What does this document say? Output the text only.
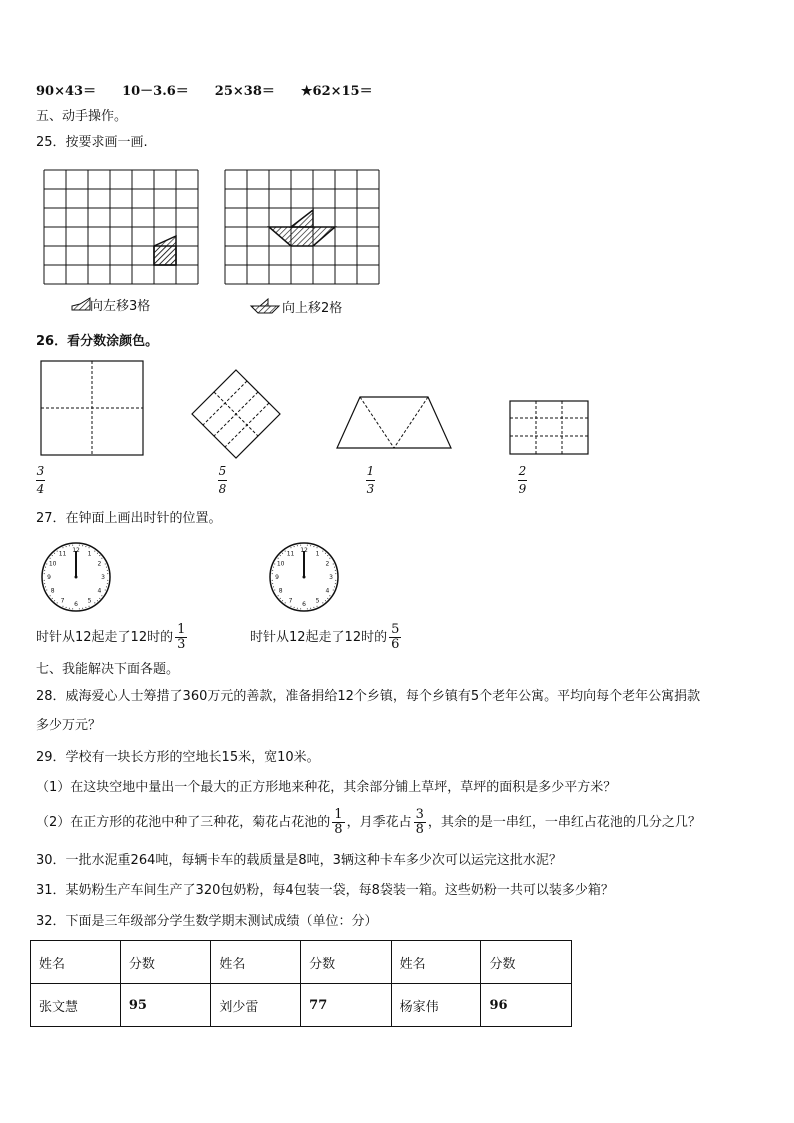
90×43＝ 10－3.6＝ 25×38＝ ★62×15＝
五、动手操作。
25．按要求画一画.
向左移3格	向上移2格
26．看分数涂颜色。
3
4
5
8
1
3
2
9
27．在钟面上画出时针的位置。
12
1
2
3
4
5
6
7
8
9
10
11
12
1
2
3
4
5
6
7
8
9
10
11
时针从12起走了12时的 $\frac{1}{3}$	时针从12起走了12时的 $\frac{5}{6}$
七、我能解决下面各题。
28．威海爱心人士筹措了360万元的善款，准备捐给12个乡镇，每个乡镇有5个老年公寓。平均向每个老年公寓捐款
多少万元？
29．学校有一块长方形的空地长15米，宽10米。
（1）在这块空地中量出一个最大的正方形地来种花，其余部分铺上草坪，草坪的面积是多少平方米？
（2）在正方形的花池中种了三种花，菊花占花池的 $\frac{1}{8}$ ，月季花占 $\frac{3}{8}$ ，其余的是一串红，一串红占花池的几分之几？
30．一批水泥重264吨，每辆卡车的载质量是8吨，3辆这种卡车多少次可以运完这批水泥？
31．某奶粉生产车间生产了320包奶粉，每4包装一袋，每8袋装一箱。这些奶粉一共可以装多少箱？
32．下面是三年级部分学生数学期末测试成绩（单位：分）
姓名	分数	姓名	分数	姓名	分数
张文慧	95	刘少雷	77	杨家伟	96
